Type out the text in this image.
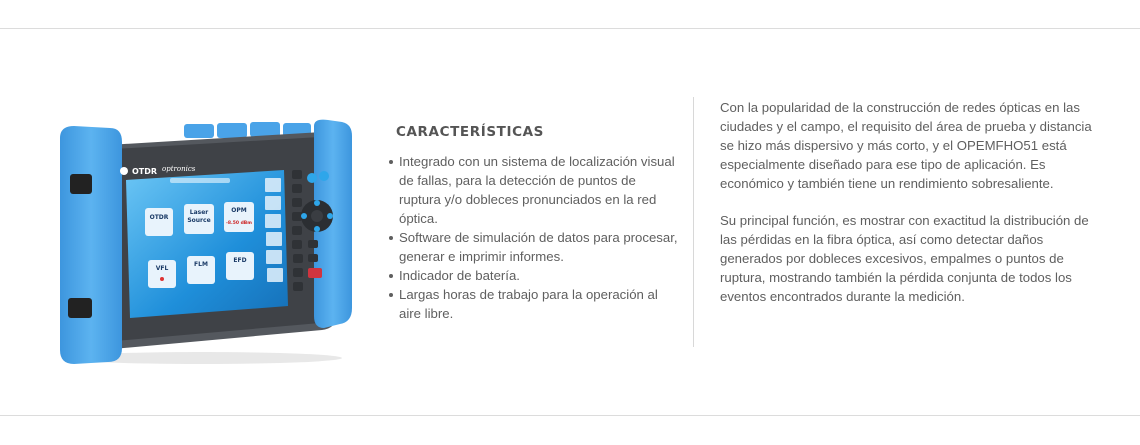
OTDR optronics
OTDR
Laser
Source
OPM
-8.50 dBm
VFL
FLM
EFD
CARACTERÍSTICAS
Integrado con un sistema de localización visual de fallas, para la detección de puntos de ruptura y/o dobleces pronunciados en la red óptica.
Software de simulación de datos para procesar, generar e imprimir informes.
Indicador de batería.
Largas horas de trabajo para la operación al aire libre.

Con la popularidad de la construcción de redes ópticas en las ciudades y el campo, el requisito del área de prueba y distancia se hizo más dispersivo y más corto, y el OPEMFHO51 está especialmente diseñado para ese tipo de aplicación. Es económico y también tiene un rendimiento sobresaliente.

Su principal función, es mostrar con exactitud la distribución de las pérdidas en la fibra óptica, así como detectar daños generados por dobleces excesivos, empalmes o puntos de ruptura, mostrando también la pérdida conjunta de todos los eventos encontrados durante la medición.
